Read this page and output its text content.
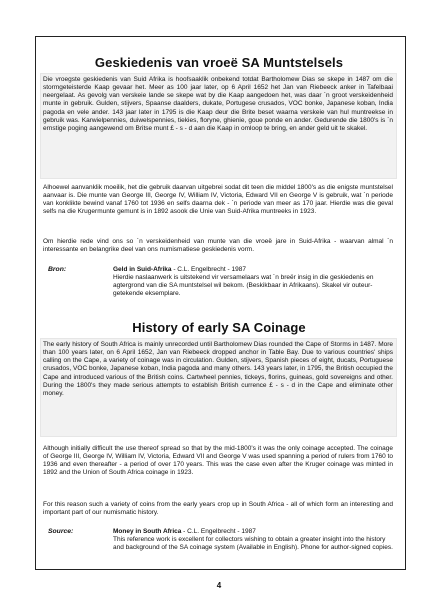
Geskiedenis van vroeë SA Muntstelsels

Die vroegste geskiedenis van Suid Afrika is hoofsaaklik onbekend totdat Bartholomew Dias se skepe in 1487 om die stormgeteisterde Kaap gevaar het. Meer as 100 jaar later, op 6 April 1652 het Jan van Riebeeck anker in Tafelbaai neergelaat. As gevolg van verskeie lande se skepe wat by die Kaap aangedoen het, was daar ´n groot verskeidenheid munte in gebruik. Gulden, stijvers, Spaanse daalders, dukate, Portugese crusados, VOC bonke, Japanese koban, India pagoda en vele ander. 143 jaar later in 1795 is die Kaap deur die Brite beset waarna verskeie van hul muntreekse in gebruik was. Karwielpennies, duiwelspennies, tiekies, floryne, ghienie, goue ponde en ander. Gedurende die 1800's is ´n ernstige poging aangewend om Britse munt £ - s - d aan die Kaap in omloop te bring, en ander geld uit te skakel.

Alhoewel aanvanklik moeilik, het die gebruik daarvan uitgebrei sodat dit teen die middel 1800's as die enigste muntstelsel aanvaar is. Die munte van George III, George IV, William IV, Victoria, Edward VII en George V is gebruik, wat ´n periode van konklikte bewind vanaf 1760 tot 1936 en selfs daarna dek - ´n periode van meer as 170 jaar. Hierdie was die geval selfs na die Krugermunte gemunt is in 1892 asook die Unie van Suid-Afrika muntreeks in 1923.

Om hierdie rede vind ons so ´n verskeidenheid van munte van die vroeë jare in Suid-Afrika - waarvan almal ´n interessante en belangrike deel van ons numismatiese geskiedenis vorm.

Bron:	Geld in Suid-Afrika - C.L. Engelbrecht - 1987
Hierdie naslaanwerk is uitstekend vir versamelaars wat ´n breër insig in die geskiedenis en agtergrond van die SA muntstelsel wil bekom. (Beskikbaar in Afrikaans). Skakel vir outeur-getekende eksemplare.

History of early SA Coinage

The early history of South Africa is mainly unrecorded until Bartholomew Dias rounded the Cape of Storms in 1487. More than 100 years later, on 6 April 1652, Jan van Riebeeck dropped anchor in Table Bay. Due to various countries' ships calling on the Cape, a variety of coinage was in circulation. Gulden, stijvers, Spanish pieces of eight, ducats, Portuguese crusados, VOC bonke, Japanese koban, India pagoda and many others. 143 years later, in 1795, the British occupied the Cape and introduced various of the British coins. Cartwheel pennies, tickeys, florins, guineas, gold sovereigns and other. During the 1800's they made serious attempts to establish British currence £ - s - d in the Cape and eliminate other money.

Although initially difficult the use thereof spread so that by the mid-1800's it was the only coinage accepted. The coinage of George III, George IV, William IV, Victoria, Edward VII and George V was used spanning a period of rulers from 1760 to 1936 and even thereafter - a period of over 170 years. This was the case even after the Kruger coinage was minted in 1892 and the Union of South Africa coinage in 1923.

For this reason such a variety of coins from the early years crop up in South Africa - all of which form an interesting and important part of our numismatic history.

Source:	Money in South Africa - C.L. Engelbrecht - 1987
This reference work is excellent for collectors wishing to obtain a greater insight into the history and background of the SA coinage system (Available in English). Phone for author-signed copies.

4
